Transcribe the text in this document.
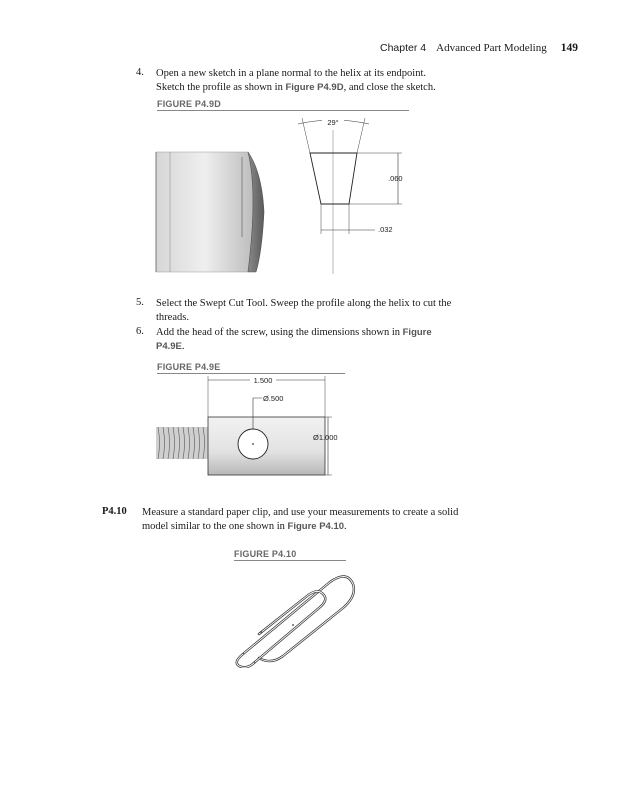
Chapter 4 Advanced Part Modeling 149
4. Open a new sketch in a plane normal to the helix at its endpoint.
Sketch the profile as shown in Figure P4.9D, and close the sketch.
FIGURE P4.9D
29°
.060
.032
5. Select the Swept Cut Tool. Sweep the profile along the helix to cut the
threads.
6. Add the head of the screw, using the dimensions shown in Figure
P4.9E.
FIGURE P4.9E
1.500
Ø.500
Ø1.000
P4.10 Measure a standard paper clip, and use your measurements to create a solid
model similar to the one shown in Figure P4.10.
FIGURE P4.10
